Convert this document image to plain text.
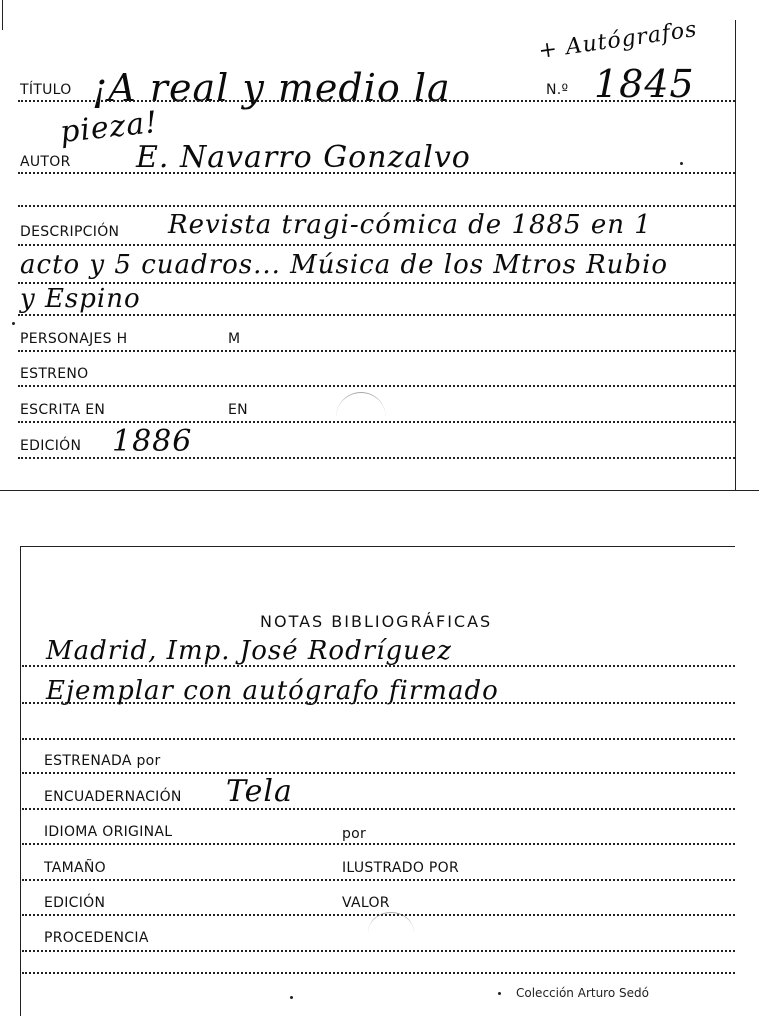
+ Autógrafos
TÍTULO ¡A real y medio la	N.º 1845
pieza!
AUTOR E. Navarro Gonzalvo
DESCRIPCIÓN Revista tragi-cómica de 1885 en 1
acto y 5 cuadros... Música de los Mtros Rubio
y Espino
PERSONAJES H	M
ESTRENO
ESCRITA EN	EN
EDICIÓN 1886
NOTAS BIBLIOGRÁFICAS
Madrid, Imp. José Rodríguez
Ejemplar con autógrafo firmado
ESTRENADA por
ENCUADERNACIÓN Tela
IDIOMA ORIGINAL	por
TAMAÑO	ILUSTRADO POR
EDICIÓN	VALOR
PROCEDENCIA
Colección Arturo Sedó
